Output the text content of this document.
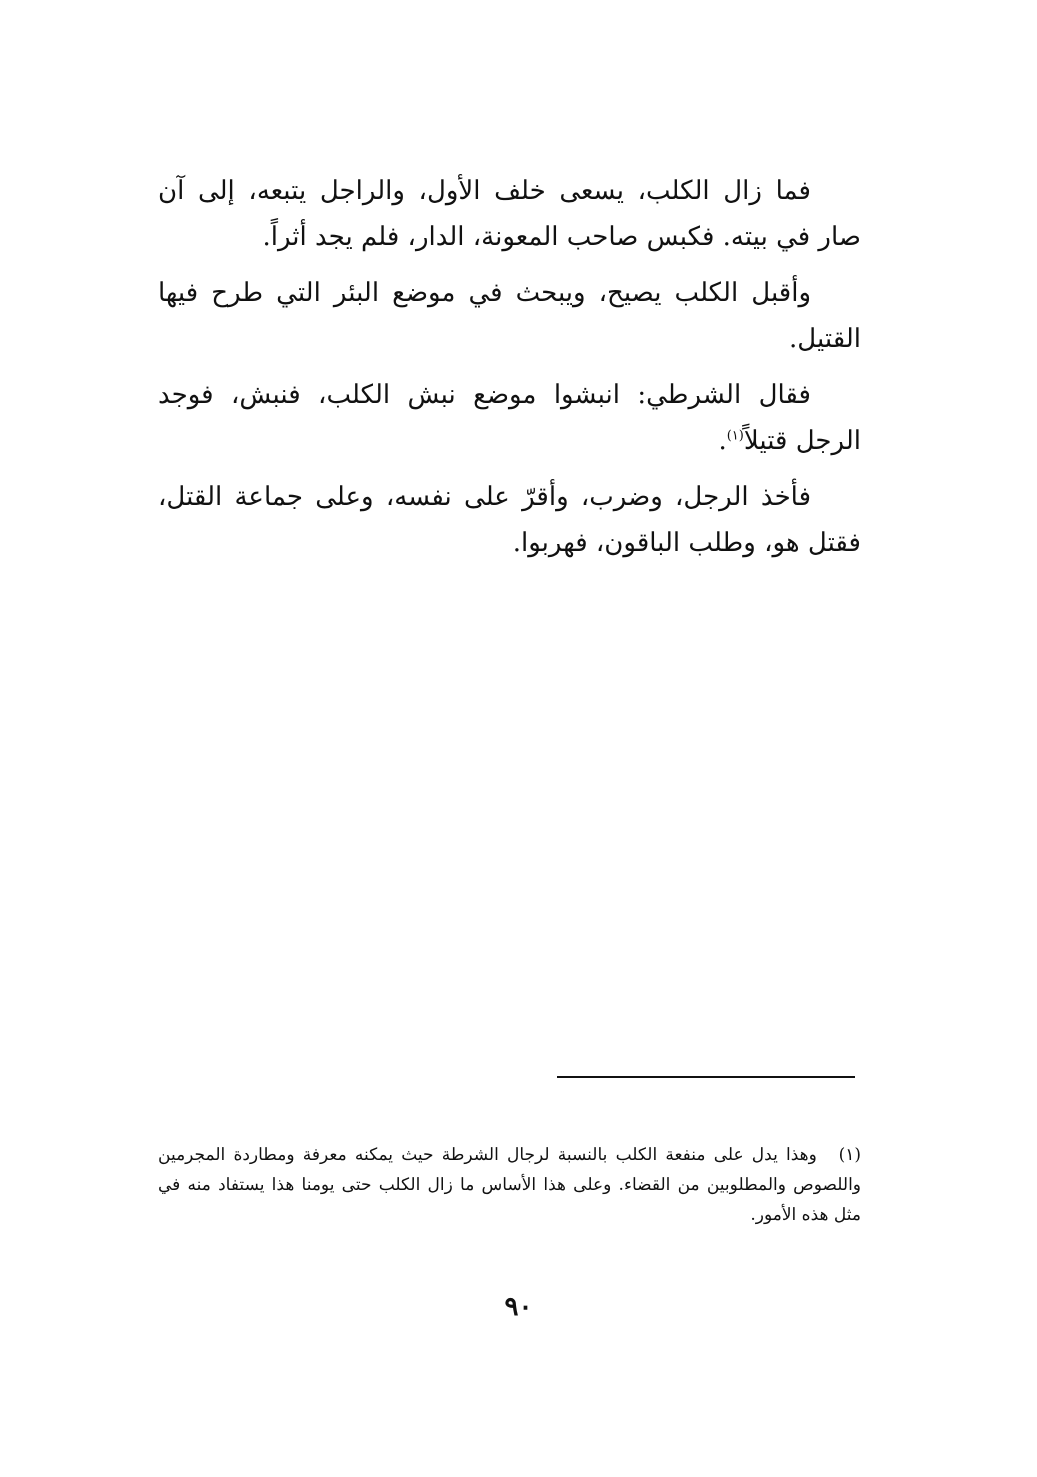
فما زال الكلب، يسعى خلف الأول، والراجل يتبعه، إلى آن صار في بيته. فكبس صاحب المعونة، الدار، فلم يجد أثراً.

وأقبل الكلب يصيح، ويبحث في موضع البئر التي طرح فيها القتيل.

فقال الشرطي: انبشوا موضع نبش الكلب، فنبش، فوجد الرجل قتيلاً$^{(١)}$.

فأخذ الرجل، وضرب، وأقرّ على نفسه، وعلى جماعة القتل، فقتل هو، وطلب الباقون، فهربوا.

(١) وهذا يدل على منفعة الكلب بالنسبة لرجال الشرطة حيث يمكنه معرفة ومطاردة المجرمين واللصوص والمطلوبين من القضاء. وعلى هذا الأساس ما زال الكلب حتى يومنا هذا يستفاد منه في مثل هذه الأمور.
٩٠
